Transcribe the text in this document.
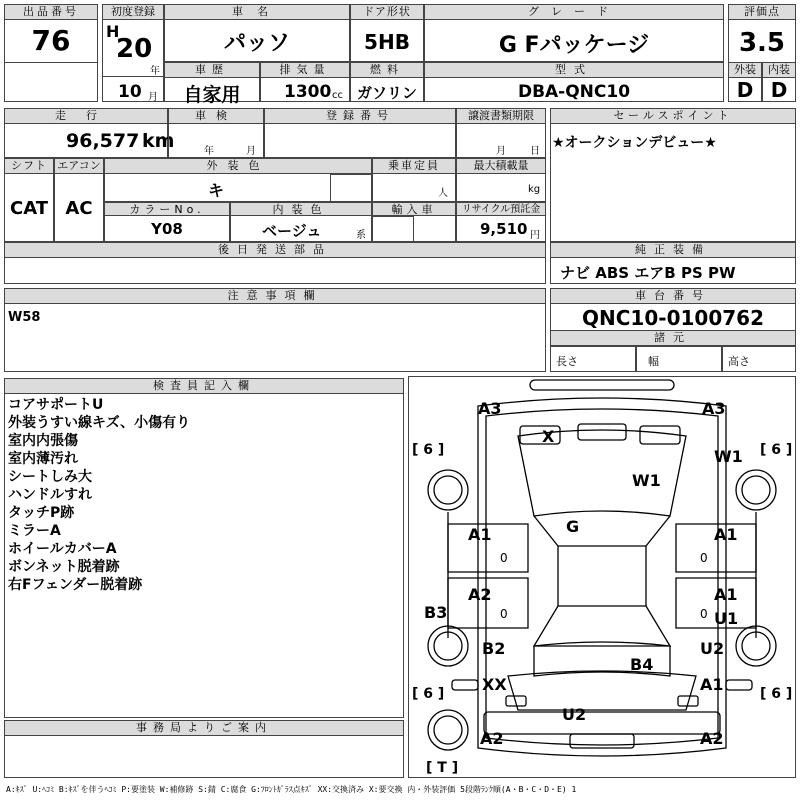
出品番号
76
初度登録
H
20
年
10 月
車名
パッソ
ドア形状
5HB
グレード
G Fパッケージ
評価点
3.5
車歴
自家用
排気量
1300 cc
燃料
ガソリン
型式
DBA-QNC10
外装	内装
D D
走行
96,577 km
車検
年	月
登録番号	譲渡書類期限
月 日
シフト
CAT
エアコン
AC
外装色
キ
乗車定員
人
最大積載量
kg
カラーNo.
Y08
内装色
ベージュ	系
輸入車	リサイクル預託金
9,510 円
後日発送部品
セールスポイント
★オークションデビュー★
純正装備
ナビ ABS エアB PS PW
注意事項欄
W58
車台番号
QNC10-0100762
諸元
長さ	幅	高さ
検査員記入欄
コアサポートU
外装うすい線キズ、小傷有り
室内内張傷
室内薄汚れ
シートしみ大
ハンドルすれ
タッチP跡
ミラーA
ホイールカバーA
ボンネット脱着跡
右Fフェンダー脱着跡
事務局よりご案内
A3	A3
X
W1
W1
G
A1	A1
A2	A1
U1
B3
B2	U2
B4
XX	A1
U2
A2	A2
0	0
0	0
[ 6 ]	[ 6 ]
[ 6 ]	[ 6 ]
[ T ]
A:ｷｽﾞ U:ﾍｺﾐ B:ｷｽﾞを伴うﾍｺﾐ P:要塗装 W:補修跡 S:錆 C:腐食 G:ﾌﾛﾝﾄｶﾞﾗｽ点ｷｽﾞ XX:交換済み X:要交換 内・外装評価 5段階ﾗﾝｸ順(A・B・C・D・E) 1
